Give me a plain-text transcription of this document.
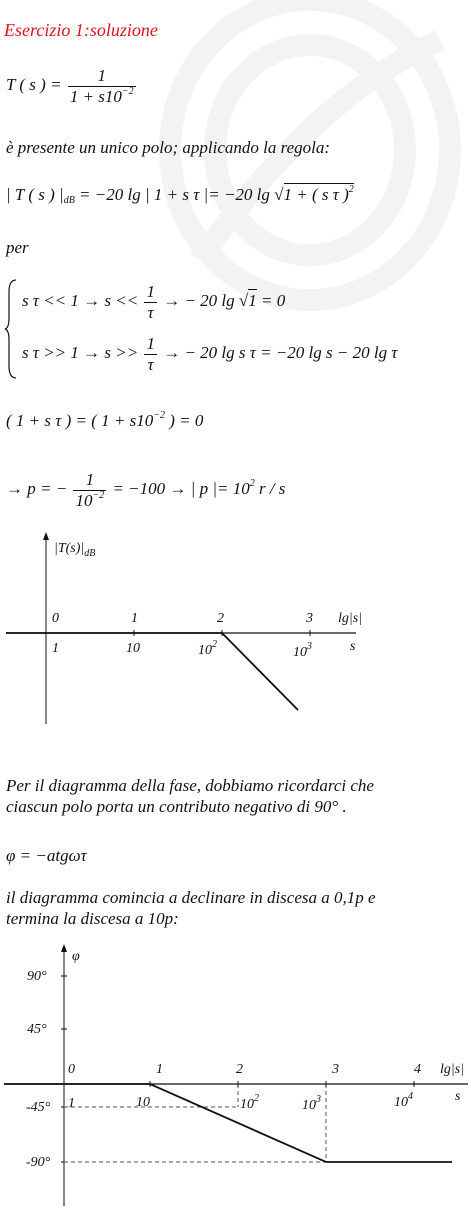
Esercizio 1:soluzione
T ( s ) = $\frac{1}{1 + s10^{-2}}$
è presente un unico polo; applicando la regola:
| T ( s ) $|_{dB} = -20$ lg | 1 + s τ |= −20 lg √1 + ( s τ )$^2$
per
s $\tau << 1 \to s << \frac{1}{\tau}$ → − 20 lg √1 = 0
s $\tau >> 1 \to s >> \frac{1}{\tau}$ → − 20 lg s τ = −20 lg s − 20 lg τ
( 1 + s τ ) = ( $1 + s10^{-2}$ ) = 0
→ p = − $\frac{1}{10^{-2}} = -100$ → | p |= $10^2$ r / s
$|T(s)|_{dB}$
0	1	2	3 lg|s|
1	10	$10^2$
$10^3$	s
Per il diagramma della fase, dobbiamo ricordarci che
ciascun polo porta un contributo negativo di 90° .
φ = −atgωτ
il diagramma comincia a declinare in discesa a 0,1p e
termina la discesa a 10p:
φ
90°
45°
-45°
-90°
0	1	2	3	4 lg|s|
1	10	$10^2$	$10^3$	$10^4$	s
